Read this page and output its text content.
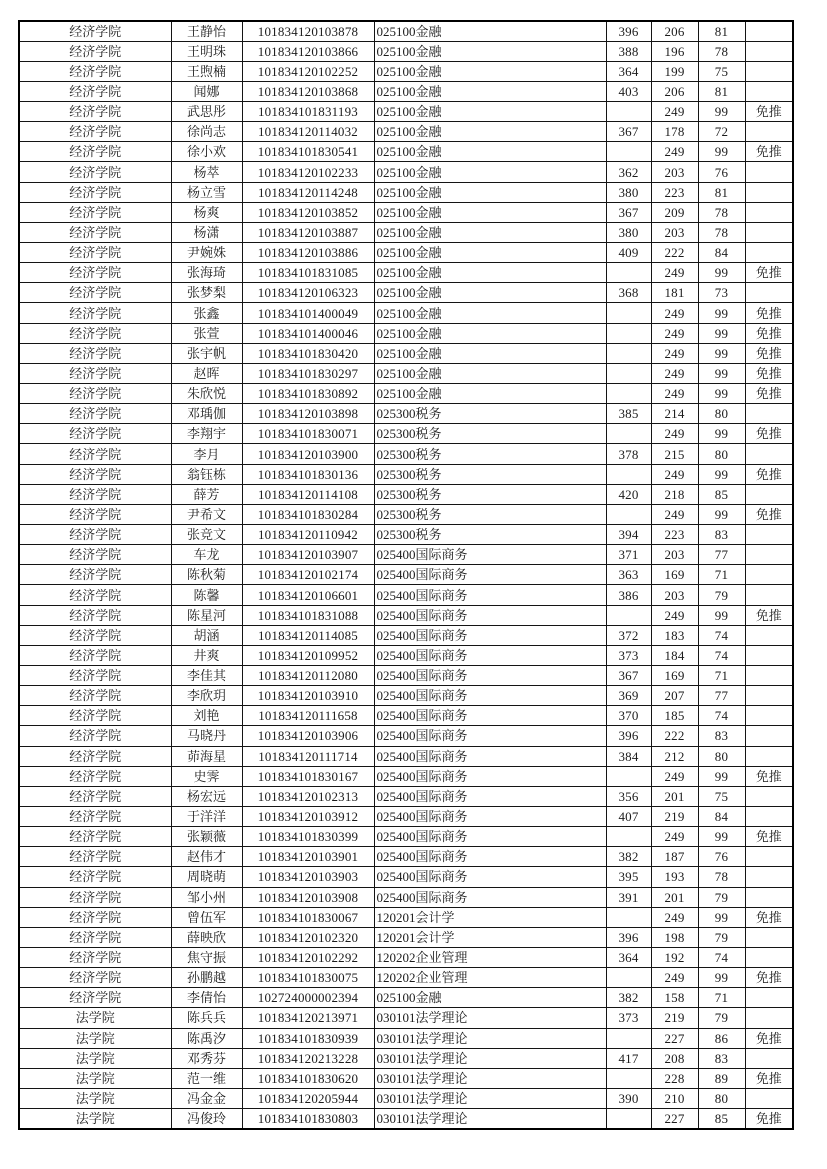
经济学院	王静怡	101834120103878	025100金融	396	206	81	
经济学院	王明珠	101834120103866	025100金融	388	196	78	
经济学院	王煦楠	101834120102252	025100金融	364	199	75	
经济学院	闻娜	101834120103868	025100金融	403	206	81	
经济学院	武思彤	101834101831193	025100金融		249	99	免推
经济学院	徐尚志	101834120114032	025100金融	367	178	72	
经济学院	徐小欢	101834101830541	025100金融		249	99	免推
经济学院	杨萃	101834120102233	025100金融	362	203	76	
经济学院	杨立雪	101834120114248	025100金融	380	223	81	
经济学院	杨爽	101834120103852	025100金融	367	209	78	
经济学院	杨潇	101834120103887	025100金融	380	203	78	
经济学院	尹婉姝	101834120103886	025100金融	409	222	84	
经济学院	张海琦	101834101831085	025100金融		249	99	免推
经济学院	张梦梨	101834120106323	025100金融	368	181	73	
经济学院	张鑫	101834101400049	025100金融		249	99	免推
经济学院	张萱	101834101400046	025100金融		249	99	免推
经济学院	张宇帆	101834101830420	025100金融		249	99	免推
经济学院	赵晖	101834101830297	025100金融		249	99	免推
经济学院	朱欣悦	101834101830892	025100金融		249	99	免推
经济学院	邓瑀伽	101834120103898	025300税务	385	214	80	
经济学院	李翔宇	101834101830071	025300税务		249	99	免推
经济学院	李月	101834120103900	025300税务	378	215	80	
经济学院	翁钰栋	101834101830136	025300税务		249	99	免推
经济学院	薛芳	101834120114108	025300税务	420	218	85	
经济学院	尹希文	101834101830284	025300税务		249	99	免推
经济学院	张竞文	101834120110942	025300税务	394	223	83	
经济学院	车龙	101834120103907	025400国际商务	371	203	77	
经济学院	陈秋菊	101834120102174	025400国际商务	363	169	71	
经济学院	陈馨	101834120106601	025400国际商务	386	203	79	
经济学院	陈星河	101834101831088	025400国际商务		249	99	免推
经济学院	胡涵	101834120114085	025400国际商务	372	183	74	
经济学院	井爽	101834120109952	025400国际商务	373	184	74	
经济学院	李佳其	101834120112080	025400国际商务	367	169	71	
经济学院	李欣玥	101834120103910	025400国际商务	369	207	77	
经济学院	刘艳	101834120111658	025400国际商务	370	185	74	
经济学院	马晓丹	101834120103906	025400国际商务	396	222	83	
经济学院	茆海星	101834120111714	025400国际商务	384	212	80	
经济学院	史霁	101834101830167	025400国际商务		249	99	免推
经济学院	杨宏远	101834120102313	025400国际商务	356	201	75	
经济学院	于洋洋	101834120103912	025400国际商务	407	219	84	
经济学院	张颖薇	101834101830399	025400国际商务		249	99	免推
经济学院	赵伟才	101834120103901	025400国际商务	382	187	76	
经济学院	周晓萌	101834120103903	025400国际商务	395	193	78	
经济学院	邹小州	101834120103908	025400国际商务	391	201	79	
经济学院	曾伍军	101834101830067	120201会计学		249	99	免推
经济学院	薛映欣	101834120102320	120201会计学	396	198	79	
经济学院	焦守振	101834120102292	120202企业管理	364	192	74	
经济学院	孙鹏越	101834101830075	120202企业管理		249	99	免推
经济学院	李倩怡	102724000002394	025100金融	382	158	71	
法学院	陈兵兵	101834120213971	030101法学理论	373	219	79	
法学院	陈禹汐	101834101830939	030101法学理论		227	86	免推
法学院	邓秀芬	101834120213228	030101法学理论	417	208	83	
法学院	范一维	101834101830620	030101法学理论		228	89	免推
法学院	冯金金	101834120205944	030101法学理论	390	210	80	
法学院	冯俊玲	101834101830803	030101法学理论		227	85	免推
